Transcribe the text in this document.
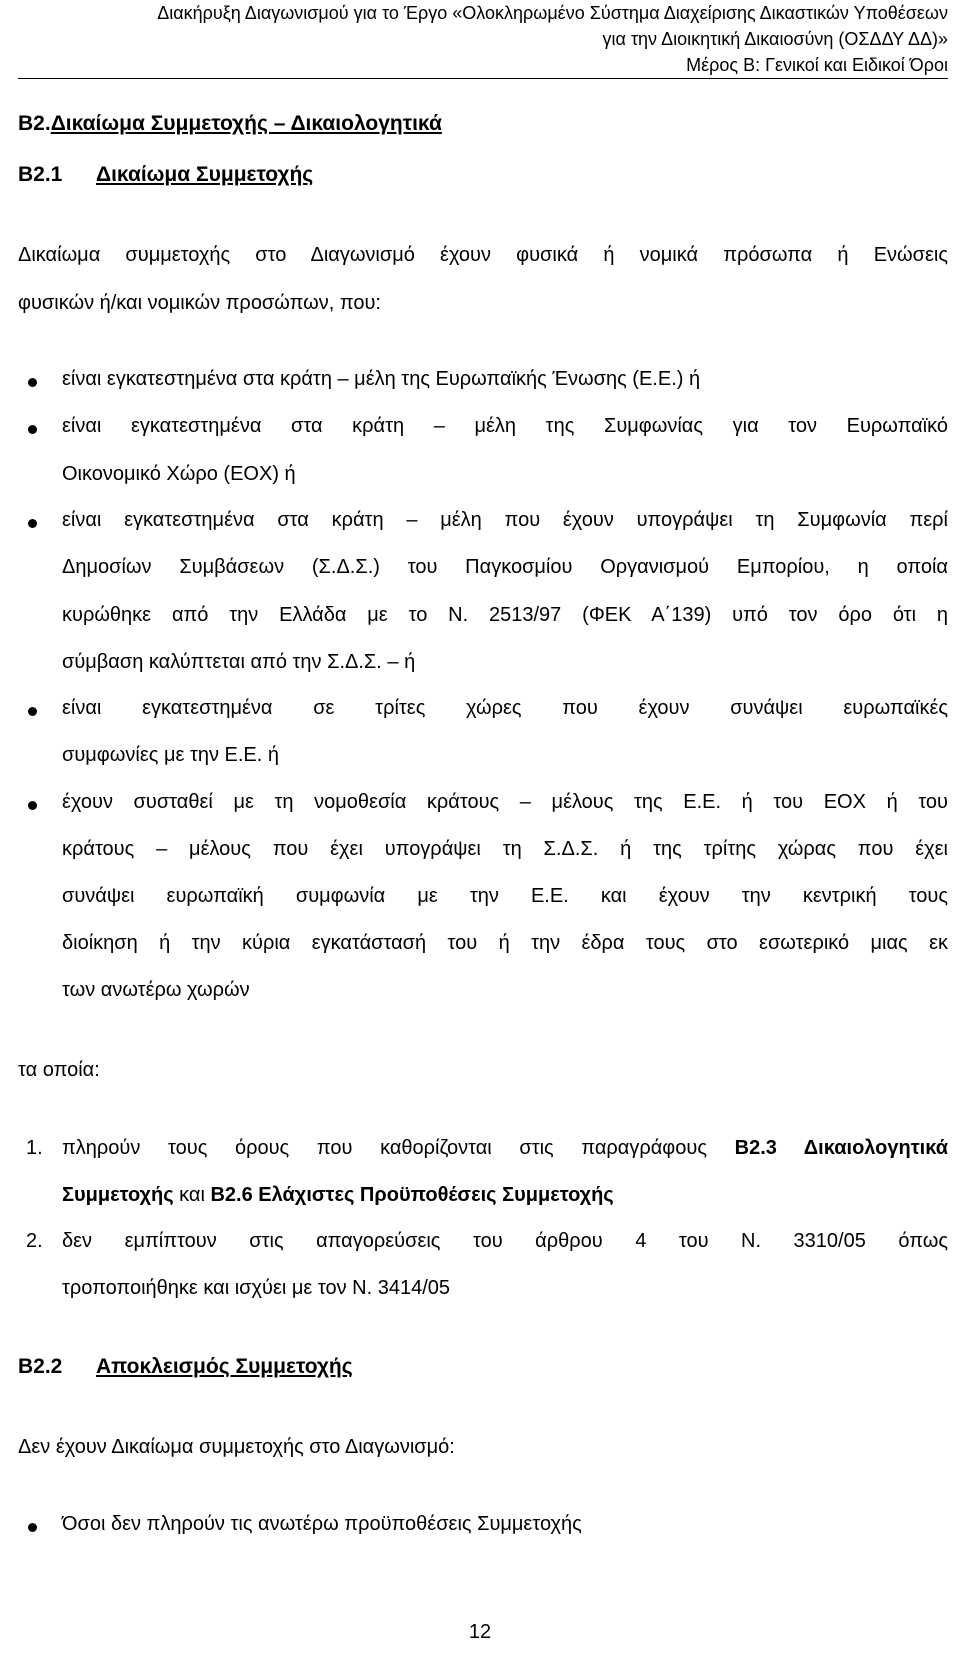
Διακήρυξη Διαγωνισμού για το Έργο «Ολοκληρωμένο Σύστημα Διαχείρισης Δικαστικών Υποθέσεων
για την Διοικητική Δικαιοσύνη (ΟΣΔΔΥ ΔΔ)»
Μέρος Β: Γενικοί και Ειδικοί Όροι
B2.Δικαίωμα Συμμετοχής – Δικαιολογητικά
B2.1 Δικαίωμα Συμμετοχής
Δικαίωμα συμμετοχής στο Διαγωνισμό έχουν φυσικά ή νομικά πρόσωπα ή Ενώσεις
φυσικών ή/και νομικών προσώπων, που:
είναι εγκατεστημένα στα κράτη – μέλη της Ευρωπαϊκής Ένωσης (Ε.Ε.) ή
είναι εγκατεστημένα στα κράτη – μέλη της Συμφωνίας για τον Ευρωπαϊκό
Οικονομικό Χώρο (ΕΟΧ) ή
είναι εγκατεστημένα στα κράτη – μέλη που έχουν υπογράψει τη Συμφωνία περί
Δημοσίων Συμβάσεων (Σ.Δ.Σ.) του Παγκοσμίου Οργανισμού Εμπορίου, η οποία
κυρώθηκε από την Ελλάδα με το Ν. 2513/97 (ΦΕΚ Α΄139) υπό τον όρο ότι η
σύμβαση καλύπτεται από την Σ.Δ.Σ. – ή
είναι εγκατεστημένα σε τρίτες χώρες που έχουν συνάψει ευρωπαϊκές
συμφωνίες με την Ε.Ε. ή
έχουν συσταθεί με τη νομοθεσία κράτους – μέλους της Ε.Ε. ή του ΕΟΧ ή του
κράτους – μέλους που έχει υπογράψει τη Σ.Δ.Σ. ή της τρίτης χώρας που έχει
συνάψει ευρωπαϊκή συμφωνία με την Ε.Ε. και έχουν την κεντρική τους
διοίκηση ή την κύρια εγκατάστασή του ή την έδρα τους στο εσωτερικό μιας εκ
των ανωτέρω χωρών
τα οποία:
1. πληρούν τους όρους που καθορίζονται στις παραγράφους Β2.3 Δικαιολογητικά
Συμμετοχής και Β2.6 Ελάχιστες Προϋποθέσεις Συμμετοχής
2. δεν εμπίπτουν στις απαγορεύσεις του άρθρου 4 του Ν. 3310/05 όπως
τροποποιήθηκε και ισχύει με τον Ν. 3414/05
B2.2 Αποκλεισμός Συμμετοχής
Δεν έχουν Δικαίωμα συμμετοχής στο Διαγωνισμό:
Όσοι δεν πληρούν τις ανωτέρω προϋποθέσεις Συμμετοχής
12
